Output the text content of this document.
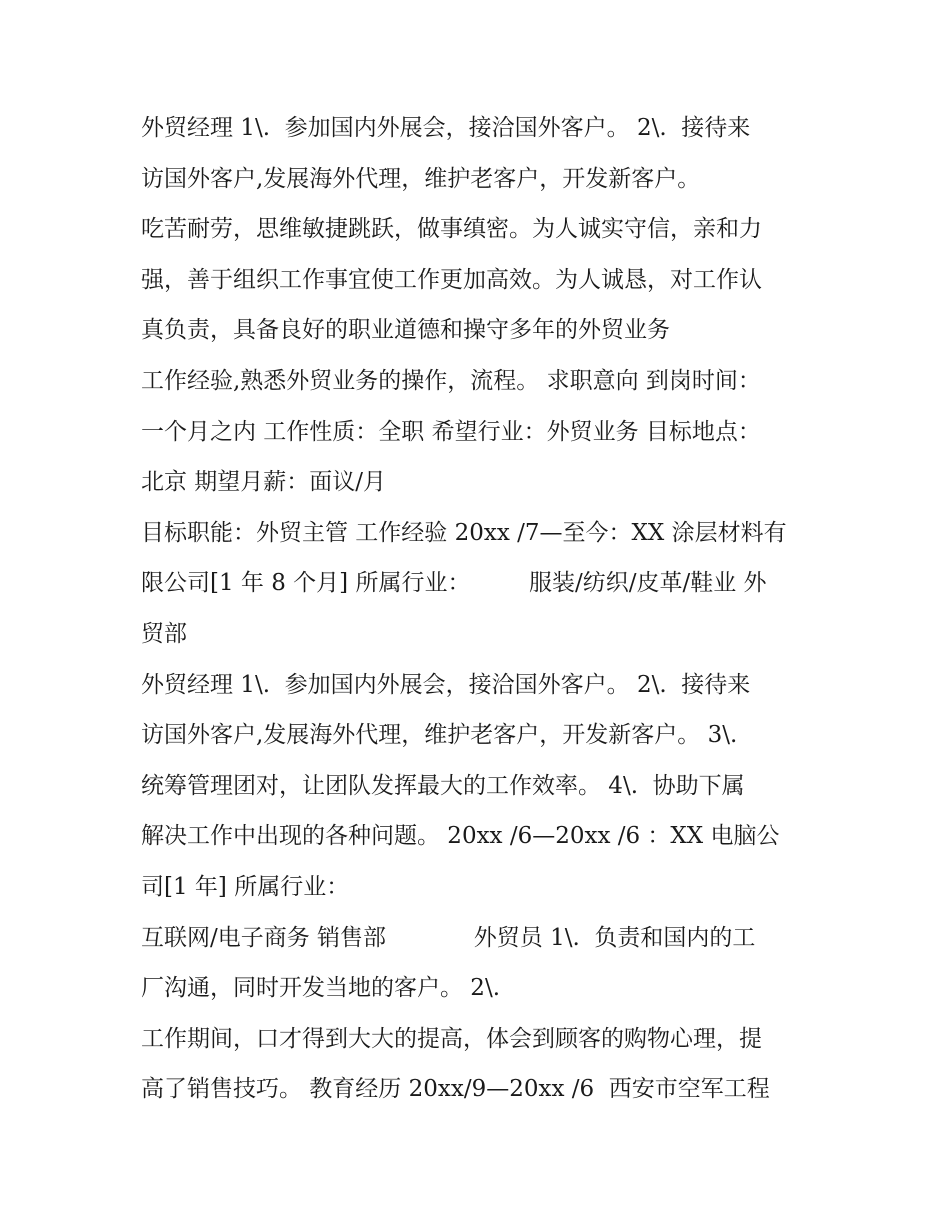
外贸经理 1\.  参加国内外展会，接洽国外客户。 2\.  接待来
访国外客户,发展海外代理，维护老客户，开发新客户。
吃苦耐劳，思维敏捷跳跃，做事缜密。为人诚实守信，亲和力
强，善于组织工作事宜使工作更加高效。为人诚恳，对工作认
真负责，具备良好的职业道德和操守多年的外贸业务
工作经验,熟悉外贸业务的操作，流程。 求职意向 到岗时间：
一个月之内 工作性质：全职 希望行业：外贸业务 目标地点：
北京 期望月薪：面议/月
目标职能：外贸主管 工作经验 20xx /7—至今：XX 涂层材料有
限公司[1 年 8 个月] 所属行业：        服装/纺织/皮革/鞋业 外
贸部
外贸经理 1\.  参加国内外展会，接洽国外客户。 2\.  接待来
访国外客户,发展海外代理，维护老客户，开发新客户。 3\.
统筹管理团对，让团队发挥最大的工作效率。 4\.  协助下属
解决工作中出现的各种问题。 20xx /6—20xx /6 ：XX 电脑公
司[1 年] 所属行业：
互联网/电子商务 销售部            外贸员 1\.  负责和国内的工
厂沟通，同时开发当地的客户。 2\.
工作期间，口才得到大大的提高，体会到顾客的购物心理，提
高了销售技巧。 教育经历 20xx/9—20xx /6  西安市空军工程
